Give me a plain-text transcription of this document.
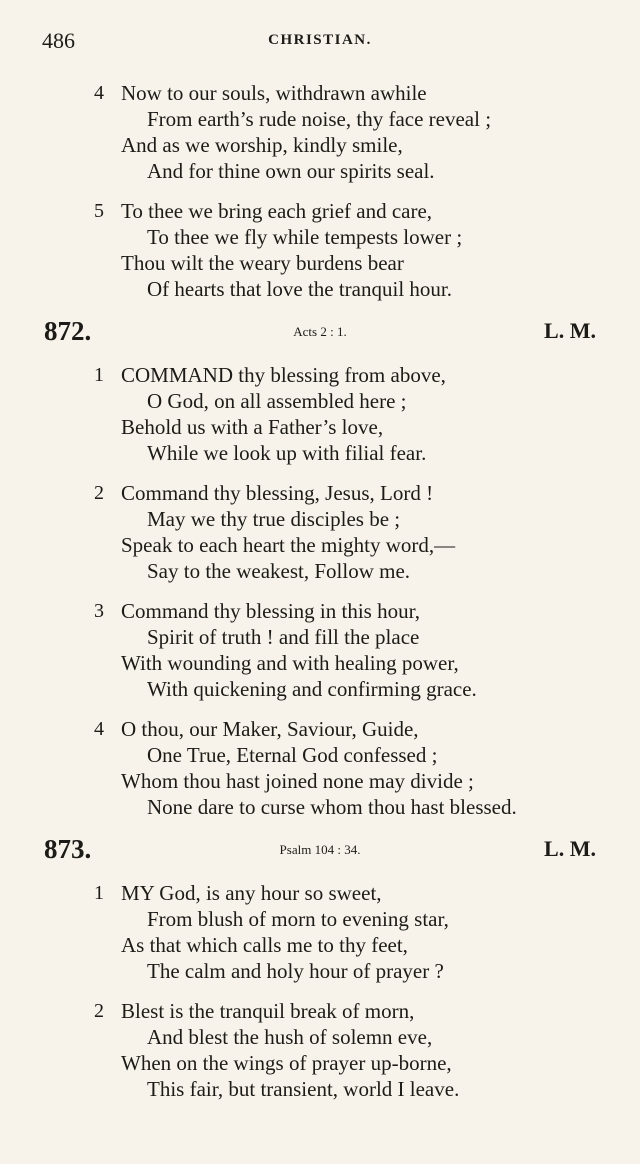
486	CHRISTIAN.
4 Now to our souls, withdrawn awhile
From earth’s rude noise, thy face reveal ;
And as we worship, kindly smile,
And for thine own our spirits seal.
5 To thee we bring each grief and care,
To thee we fly while tempests lower ;
Thou wilt the weary burdens bear
Of hearts that love the tranquil hour.
872.	Acts 2 : 1.	L. M.
1 COMMAND thy blessing from above,
O God, on all assembled here ;
Behold us with a Father’s love,
While we look up with filial fear.
2 Command thy blessing, Jesus, Lord !
May we thy true disciples be ;
Speak to each heart the mighty word,—
Say to the weakest, Follow me.
3 Command thy blessing in this hour,
Spirit of truth ! and fill the place
With wounding and with healing power,
With quickening and confirming grace.
4 O thou, our Maker, Saviour, Guide,
One True, Eternal God confessed ;
Whom thou hast joined none may divide ;
None dare to curse whom thou hast blessed.
873.	Psalm 104 : 34.	L. M.
1 MY God, is any hour so sweet,
From blush of morn to evening star,
As that which calls me to thy feet,
The calm and holy hour of prayer ?
2 Blest is the tranquil break of morn,
And blest the hush of solemn eve,
When on the wings of prayer up-borne,
This fair, but transient, world I leave.
